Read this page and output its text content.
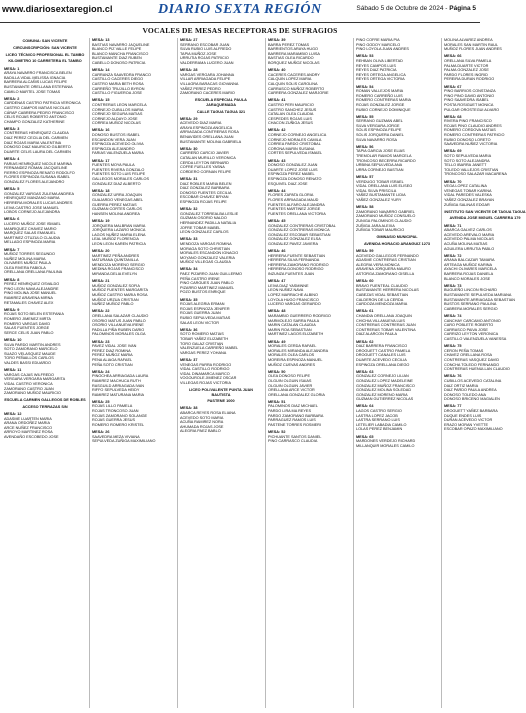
www.diariosextaregion.cl	DIARIO SEXTA REGIÓN	Sábado 5 de Octubre de 2024 - Página 5
VOCALES DE MESAS RECEPTORAS DE SUFRAGIOS
COMUNA: SAN VICENTE
CIRCUNSCRIPCIÓN: SAN VICENTE
LICEO TÉCNICO PROFESIONAL EL TAMBO
KILOMETRO 10 CARRETERA EL TAMBO
MESA: 1
ARAYA NAVARRO FRANCISCA BELEN
BADILLA VIDAL MELISSA IGNACIA
BARRERA ALCAÑIS LUCAS FELIPE
BUSTAMANTE ORELLANA ESTEFANIA
CAMILO MARTEL JOSE TOMAS
MESA: 2
CARDENAS CASTRO PATRICIA VERONICA
CASTRO CAMPOS MATIAS NICOLAS
CÁRAP CABRERA PEDRO FRANCISCO
CELIS ROJAS ROBERTO ANTONIO
CHAMPO GONZALEZ KATHERINE
MESA: 3
CONTRERAS HENRIQUEZ CLAUDIA
DIAZ PEREZ CECILIA DEL CARMEN
DIAZ ROJAS MARIA VALENTINA
DONOSO DIAZ MAURICIO GILBERTO
DUARTE CELIS LAURA DEL CARMEN
MESA: 4
FARIAS HENRIQUEZ NICOLE MARINA
FERNANDEZ ROMAN JACQUELINE
FIERRO ESPINOZA RENATO RODOLFO
FLORES ESPINOZA SUSANA ISABEL
GONZALEZ FLORES ALEJANDRO
MESA: 5
GONZALEZ VARGAS ZULEMA ANDREA
HENRIQUEZ MANZANO MARIA
HERRERA MORALES LUCAS ANDRES
LEIVA CASTRO JOSE MANUEL
LOBOS CORNEJO ALEJANDRA
MESA: 6
LUCERO MUÑOZ JOSE ISMAEL
MANRIQUEZ CHAVEZ MARIO
MARQUEZ SALAS EMANUEL
MARTINEZ OTUZULO CLAUDIA
MELLADO ESPINOZA MARIA
MESA: 7
MUÑOZ TORRES SEGUNDO
NUÑEZ MOLINA MARIA
OLIVARES MUÑOZ PAULA
OLEA RIVERA FABIOLA
ORELLANA ORELLANA PAULINA
MESA: 8
PEREZ HENRIQUEZ OSVALDO
PINO LEON NAVA ALEJANDRE
PINO MOLINA JOSE MANUEL
RAMIREZ ARAVENA MIRNA
RETAMALES CHAVEZ ALEX
MESA: 9
ROJAS SOTO BELEN ESTEFANIA
ROMERO JIMENEZ MIRTA
ROMERO VARGAS DAVID
SALAS FUENTES JORGE
SERCE CELIS JUAN PABLO
MESA: 10
SILVA PARDO MARTIN ANDRES
SOTO ZAMORANO MARCELO
SUAZO VELASQUEZ MAUDE
TORO PEÑAILLOS CARLOS
VALDES BASSI EDUARDO
MESA: 11
VARGAS CAJAS WILFREDO
VERGARA VERGARA MARGARITA
VIDAL CASTRO VERONICA
ZAMORANO CASTRO JUAN
ZAMORANO MUÑOZ MAURICIO
ESCUELA CARMEN GALLEGOS DE ROBLES
ACCESO TERRAZAS S/N
MESA: 12
ADASME LUARTEN MARIA
ARANA ORDOÑEZ MARIA
ARCE NUÑEZ FRANCISCO
ARROYO MARTINEZ ROSA
AVENDAÑO ESCOBEDO JOSE
MESA: 13
BASTIAS NAVARRO JAQUELINE
BLANCO PIZ VALLE FELIPE
BLANCO MANCHA FRANCISCO
BUSTAMANTE DIAZ RUBEN
CABELLO DONOSO PATRICIA
MESA: 14
CARRANZA SAAVEDRA FRANCO
CASTILLO CACERES DIEGO
CASTRO MARIA BETH ROSA
CARREÑO TRUJILLO BYRON
CASTILLO FIGUEROA JOSE
MESA: 15
CONTRERAS LEON MARCELA
CORNEJO CUBILLOS MARIA
CORNEJO SEGURA MATIAS
CORNEJO ALDAYO JOSE
CORREA MUÑOZ NICOLAS
MESA: 16
DONOSO BUSTOS ISABEL
ESCANDON VERA JUAN
ESPINOZA ACEVEDO OLIVIA
ESPINOZA ALEJANDRO
FARIAS VALENZUELA MARIA
MESA: 17
FUENTES MOYA PAULA
FUENTES RIVERA GONZALO
FUENTES SOTO LUIS FELIPE
GALLEGOS MORALES CARLOS
GONZALEZ DIAZ ALBERTO
MESA: 18
GONZALEZ URRA JOAQUIN
GUAJARDO VENEGAS ABEL
GUERRA PEREZ MATIAS
GUZMAN CORTES CARLOS
HANSEN MOLINA ANDREA
MESA: 19
JORQUERA MALBRAN MARIA
JORQUERA LAZARO MONICA
LAGOS NUÑEZ MARIA ELENA
LEAL MUÑOZ FLORENCIA
LEON LEON KAREN PATRICIA
MESA: 20
MARTINEZ PEÑA ANDRES
MATURANA QUINTANILLA
MENDOZA MORENO SERGIO
MEDINA ROJAS FRANCISCO
MIRANDA DELIA EVELYN
MESA: 21
MUÑOZ GONZALEZ SOFIA
MUÑOZ FUENTES MARGARITA
MUÑOZ CASTRO MARIA ROSA
MUÑOZ URZUA CRISTIAN
NUÑEZ MUÑOZ PABLO
MESA: 22
ORELLANA SALAZAR CLAUDIO
OSORIO MATUS JUAN PABLO
OSORIO VILLANUEVA IRENE
PADILLA PIÑA RUBEN DARIO
PALOMINOS MORALES OLGA
MESA: 23
PAVEZ VIDAL JOSE IVAN
PEREZ DIAZ ROMINA
PEREZ MUÑOZ MARIA
PENA ALIAGA RAFAEL
PEÑA SOTO CRISTIAN
MESA: 24
PINOCHEA ARRIAGADA LAURA
RAMIREZ MACHUCA RUTH
RASGUILD ARRIAGADA IVAN
RIFFO SEPULVEDA HEIDY
RAMIREZ MATURANA MARIA
MESA: 25
ROJAS LILLO PAMELA
ROJAS TRONCOSO JUAN
ROJAS ZAMORANO SOLANGE
ROJAS GUERRA JESUS
ROMERO ROMERO KRISTEL
MESA: 26
SAAVEDRA MEZA VIVIANA
SEPULVEDA ZUÑIGA MAXIMILIANO
MESA: 27
SERRANO ESCOBAR JUAN
SILVA RUBIO LUIS ALFREDO
TAPIA MUÑOZ JOSE
URRUTIA ROJAS PATRICIO
VALDERRAMA LUCERO JUAN
MESA: 28
VARGAS VERGARA JOHANNA
VILLAR ARRIAGADA FELIPE
VILLAGRA BARACAS GIOVANNA
YAÑEZ PEREZ PEDRO
ZAMORANO CACERES MARIO
ESCUELA ESPECIAL PAULA JARAQUEMADA
CALLE TAGUA TAGUA 321
MESA: 29
ACEVEDO DIAZ MARIA
ARAYA ESPINOZA ANGELICA
ARRIAGADA CONTRERAS ROSA
BENAVIDES ORELLANA JUAN
BUSTAMANTE MOLINA GABRIELA
MESA: 30
CARREÑO CARCIO JAVIER
CATALAN MURILLO VERONICA
CERDA LEYTON BERNARD
COFRE FUELLES YASNA
CORDERO CORNAN FELIPE
MESA: 31
DIAZ ROBLES MARIA BELEN
DIAZ GONZALEZ BARBARA
DONOSO FUENTES CECILIA
ESCOBAR CHAVEZ BRYAN
ESPINOZA ROJAS FELIPE
MESA: 32
GONZALEZ TORREALBA LESLIE
GUZMAN OSORIO NALDO
HERNANDEZ PADILLA NATALIA
JOFRE TOBAR MABEL
LEON GONZALEZ CARLOS
MESA: 33
MENDOZA VARGAS ROMINA
MORAGA SOTO CHRISTIAN
MORALES ESCANDON IGNACIO
MOYANO GONZALEZ VALERIA
MUÑOZ VILLEGAS CLAUDIA
MESA: 34
PAEZ PIZARRO JUAN GUILLERMO
PEÑA CASTRO IRENE
PINO CARGUES JUAN PABLO
PIZARRO MARTINEZ MANUEL
POZO BUSTOS ENRIQUE
MESA: 35
ROJAS ALEGRIA ERMAN
ROJAS ESPINOZA JENIFER
ROJAS GUERRA JUAN
RUBIO SEPULVEDA MATIAS
SALAS LEON VICTOR
MESA: 36
SOTO ROMERO MATIAS
TOBAR YAÑEZ ELIZABETH
TORO GALAZ CRISTIAN
VALENZUELA CARREÑO MABEL
VARGAS PEREZ YOHANA
MESA: 37
VENEGAS PARRA RODRIGO
VIDAL CASTILLO RODRIGO
VIDAL DINAMARCA MARCO
VOGOUROLE JIMENEZ OSCAR
VILLEGAS ROJAS VICTORIA
LICEO POLIVALENTE PUNTA JUAN BAUTISTA
PASTENE 1000
MESA: 38
ABARCA REYES ROSA ELIANA
ACEVEDO SOTO MARIA
ACUÑA RAMIREZ NORA
AHUMADA ROJAS JOSE
ALEGRIA PAEZ BABLO
MESA: 39
BARRA PEREZ TOMAS
BARRIENTOS ARAYA HUGO
BARRERA MARAMBIO LUISA
BASTIAS OLEA RICARDO
BORQUEZ MUÑOZ NICOLAS
MESA: 40
CACERES CACERES ANDRY
CALQUIN LOPEZ MARIA
CALQUIN SOLIS CAROLINA
CARRASCO MUÑOZ ROBERTO
CARRERA GONZALEZ MARJORIE
MESA: 41
CASTRO PERI MAURICIO
CASTRO SANCHEZ JESUS
CATALAN OLEA CLAUDIA
CESPEDES ROJAS LUIS
CHACON ZUÑIGA JESUS
MESA: 42
CORNEJO CORNEJO ANGELICA
CORNEJO MORALES CAMILA
CORREA PARDO CRISTOBAL
CORONA MARIN SUSANA
CORTES SEPULVEDA ISMAEL
MESA: 43
DONOSO GONZALEZ JUAN
DUARTE LOPEZ JOSE LUIS
ESPINOZA PEREZ MABEL
ESPINOZA DONOSO RENATO
ESQUIVEL DIAZ JOSE
MESA: 44
FLORES ZAPATA GLORIA
FLORES ARRIAGADA MAUD
FUENTES ALFARO ALEJANDRA
FUENTES MARTINEZ JORGE
FUENTES ORELLANA VICTORIA
MESA: 45
GONZALEZ CONTRERAS CRISTOBAL
GONZALEZ CONTRERAS MONICA
GONZALEZ ESCOBAR SEBASTIAN
GONZALEZ GONZALEZ ELSA
GONZALEZ PAVEZ JAVIERA
MESA: 46
HERRERA FUENTE SEBASTIAN
HERRERA SILVA FERNANDA
HERRERA ZAMORANO RODRIGO
HERRERA DONOSO RODRIGO
INZUNZA FUENTES JUAN
MESA: 47
LEIVA DIAZ YASMINNE
LEON NUÑEZ NAVA
LOPEZ MARRACHE ALBINO
LOYOLA HUGO FRANCISCO
LUCERO VARGAS GERARDO
MESA: 48
MARAMBIO GUERRERO RODRIGO
MARMOLEJO SARRA PAULA
MARIN CATALAN CLAUDIA
MARIN ROA SEBASTIAN
MARTINEZ LAGOS ELIZABETH
MESA: 49
MORALES CERDA RAFAEL
MORALES MIRANDA ALEJANDRA
MORALES OLEA CARLOS
MOREIRA ESPINOZA MANUEL
MUÑOZ CUEVAS ANDRES
MESA: 50
OLEA DONOSO FELIPE
OLGUIN OLGUIN ISAIAS
OLGUIN OLGUIN JAVIER
ORELLANA ARCE VICTOR
ORELLANA GONZALEZ GLORIA
MESA: 51
PALOMINOS DIAZ MICHAEL
PARDO LIRA MA REYES
PARDO ZAMORANO BARBARA
PARRAGUEZ RAMOS LUIS
PASTENE TORRES ROSMERI
MESA: 52
PICHUANTE SANTOS DANIEL
PINO CARRASCO CLAUDIA
PINO COFRE MARIA PIA
PINO GODOY MARCELO
PINO LOYOLA JUAN ANDRES
MESA: 53
REHBAN OLIVA LIBERTAD
REYES CAMPOS LUIS
REYES DIAZ PATRICIA
REYES ORTEGA ANGELICA
REYES ORTEGA VICTORIA
MESA: 54
ROMAN VALLEJOS MARIA
ROMERO CARREÑO LUIS
ROMERO CONTRERAS MARIA
ROJAS GONZALEZ JORGE
RUBIO CORNEJO DOMINIQUE
MESA: 55
SERRANO GUZMAN ABEL
SILVA VERGARA JORGE
SOLIS ESPINOZA FELIPE
SOLIS JORQUERA DANIEL
SILVA NAVARRO ROSA
MESA: 56
TAPIA GARCIA JOSE ELIAS
TREMOLAR RAMOS MARCELA
TRONCOSO BECERRA RICARDO
URBINA SEPULVEDA ANA
URRA CORNEJO BASTIAN
MESA: 57
VERDUGO TOBAR ISRAEL
VIDAL ORELLANA LUIS ELISEO
VIDAL SILVA PRISCILA
YAÑEZ BUSTAMANTE LIDIA
YAÑEZ GONZALEZ YURY
MESA: 58
ZAMORANO NAVARRO GABRIEL
ZAMORANO MUÑOZ CONSUELO
ZUNIGA PALOMINOS CLAUDIO
ZUÑIGA JARA ALEXIA
ZUÑIGA TOBAR MAURICIO
GIMNASIO MUNICIPAL
AVENIDA HORACIO ARANGUIZ 1273
MESA: 59
ACEVEDO GALLEGOS FERNANDO
ADASME CONTRERAS CRISTIAN
ALEGRIA VERA MONICA
ARAVENA JORQUERA MAURO
ASTORGA ZAMORANO GISELLA
MESA: 60
BRAVO FUENTEAL CLAUDIO
BUSTAMANTE HERRERA NICOLAS
CABEZAS VIDAL SEBASTIAN
CALDERON DE LA CERDA
CARDOZA MENDOZA MARIA
MESA: 61
CHANDIA ORELLANA JOAQUIN
CHICHIA VILLANUEVA LUIS
CONTRERAS CONTRERAS JUAN
CONTRERAS TOBAR VALENTINA
DIAZ ALARCON PAULA
MESA: 62
DIAZ BARRERA FRANCISCO
DROGUETT CASTRO PAMELA
DROGUETT CANALES LUIS
DUARTE ACEVEDO CECILIA
ESPINOZA ORELLANA DIEGO
MESA: 63
GONZALEZ CORNEJO LILIAN
GONZALEZ LOPEZ MADELEINE
GONZALEZ MUÑOZ FRANCISCO
GONZALEZ MOLINA SOLEDAD
GONZALEZ MORENO MARIA
GUZMAN GUTIERREZ NICOLAS
MESA: 64
LAGOS CASTRO SERGIO
LASTRA LOPEZ JACOB
LASTRA SERRANO LUIS
LETELIER LABADIA CAMILO
LOLAS PEREZ BENJAMIN
MESA: 65
MARDONES VERDEJO RICHARD
MILLANQUIR MORALES CAMILO
MOLINA ALVAREZ ANDREA
MORALES SAN MARTIN RAUL
MUÑOZ FLORES JUAN ANDRES
MESA: 66
ORELLANA SILVA PAMELA
PALMA DUARTE VICTOR
PALMA GONZALEZ JOSE
PARDO FLORES INGRID
PEREIRA DURAN RODRIGO
MESA: 67
PINO BARRIOS CONSTANZA
PINO PINO DAVID ANTONIO
PINO SAAVEDRA ISABEL
POSTA ROSIGUET MONICA
PULGAR OROSTEGUI ALVARO
MESA: 68
RIVERA PINO FRANCISCO
ROJAS PINO CLAUDIO ANDRES
ROMERO CORDOVA MATIAS
ROMERO CONTRERAS PATRICIO
RUBIO DONOSO LORETO
SAAVEDRA NUÑEZ VICTORIA
MESA: 69
SOTO SEPULVEDA MARIA
SOTO SOTO ALEJANDRA
TELLO IBARRA JANETT
TOLEDO VALLEJOS CRISTIAN
TRONCOSO SALAZAR MACARENA
MESA: 70
VEGA LOPEZ CATALINA
VENEGAS TOBAR KARINA
VIDAL PAREDES VALESKA
YAÑEZ GONZALEZ BRAYAN
ZUÑIGA SALINAS EDGAR
INSTITUTO SAN VICENTE DE TAGUA TAGUA
AVENIDA JOSE MIGUEL CARRERA 179
MESA: 71
ABARCA GALVEZ CARLOS
ACEVEDO AREVALO MARIA
ACEVEDO PALMA NICOLAS
ACUÑA MOLINA MATIAS
AGUILERA URRUTIA PABLO
MESA: 72
ARANA BALCAZAR TAMARA
ARTEAGA MUÑOZ KARINA
AYACHI OLIVARES MARCELA
BARRERA ROJAS DANIELA
BLANCO MORALES JOSE
MESA: 73
BUGUEÑO LINCON RICHARD
BUSTAMANTE SEPULVEDA MARIANA
BUSTAMANTE ARRIAGADA SEBASTIAN
BUSTOS SERRANO PAULINA
CABRERA MORALES SERGIO
MESA: 74
CANCHAY CARCAMO ANTONIO
CARO POBLETE ROBERTO
CARRASCO PAIVA JOSE
CARRIZO LEYTON VERONICA
CASTILLO VALENZUELA VANESSA
MESA: 75
CERON PEÑA TOMAS
CHAVEZ ORELLANA ROSA
CONTRERAS VASQUEZ DAVID
CONCHA TOLEDO FERNANDO
CONTRERAS HUENULLAN CLAUDIO
MESA: 76
CUBILLOS ACEVEDO CATALINA
DIAZ ORTIZ MARIA
DIAZ PARDO PAULA ANDREA
DONOSO TOLEDO ANA
DONOSO BRICENO MAGIALEN
MESA: 77
DROGUETT YAÑEZ BARBARA
DUQUE ENDES LUIS
DURAN ACEVEDO VICTOR
ERAZO MORAN YVETTE
ESCOBAR OPAZO MAXIMILIANO
